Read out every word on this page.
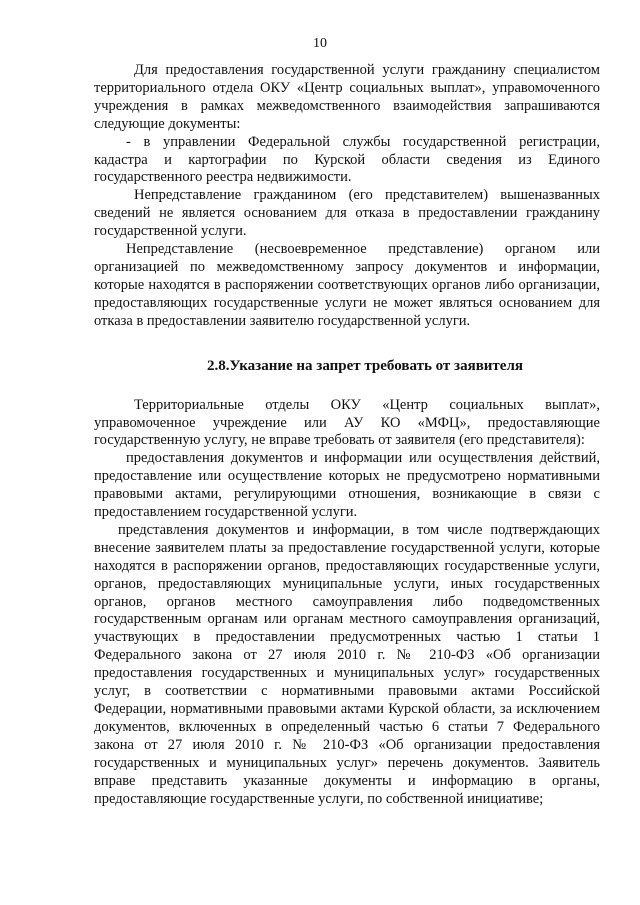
10

Для предоставления государственной услуги гражданину специалистом территориального отдела ОКУ «Центр социальных выплат», управомоченного учреждения в рамках межведомственного взаимодействия запрашиваются следующие документы:

- в управлении Федеральной службы государственной регистрации, кадастра и картографии по Курской области сведения из Единого государственного реестра недвижимости.

Непредставление гражданином (его представителем) вышеназванных сведений не является основанием для отказа в предоставлении гражданину государственной услуги.

Непредставление (несвоевременное представление) органом или организацией по межведомственному запросу документов и информации, которые находятся в распоряжении соответствующих органов либо организации, предоставляющих государственные услуги не может являться основанием для отказа в предоставлении заявителю государственной услуги.

2.8.Указание на запрет требовать от заявителя

Территориальные отделы ОКУ «Центр социальных выплат», управомоченное учреждение или АУ КО «МФЦ», предоставляющие государственную услугу, не вправе требовать от заявителя (его представителя):

предоставления документов и информации или осуществления действий, предоставление или осуществление которых не предусмотрено нормативными правовыми актами, регулирующими отношения, возникающие в связи с предоставлением государственной услуги.

представления документов и информации, в том числе подтверждающих внесение заявителем платы за предоставление государственной услуги, которые находятся в распоряжении органов, предоставляющих государственные услуги, органов, предоставляющих муниципальные услуги, иных государственных органов, органов местного самоуправления либо подведомственных государственным органам или органам местного самоуправления организаций, участвующих в предоставлении предусмотренных частью 1 статьи 1 Федерального закона от 27 июля 2010 г. № 210-ФЗ «Об организации предоставления государственных и муниципальных услуг» государственных услуг, в соответствии с нормативными правовыми актами Российской Федерации, нормативными правовыми актами Курской области, за исключением документов, включенных в определенный частью 6 статьи 7 Федерального закона от 27 июля 2010 г. № 210-ФЗ «Об организации предоставления государственных и муниципальных услуг» перечень документов. Заявитель вправе представить указанные документы и информацию в органы, предоставляющие государственные услуги, по собственной инициативе;
